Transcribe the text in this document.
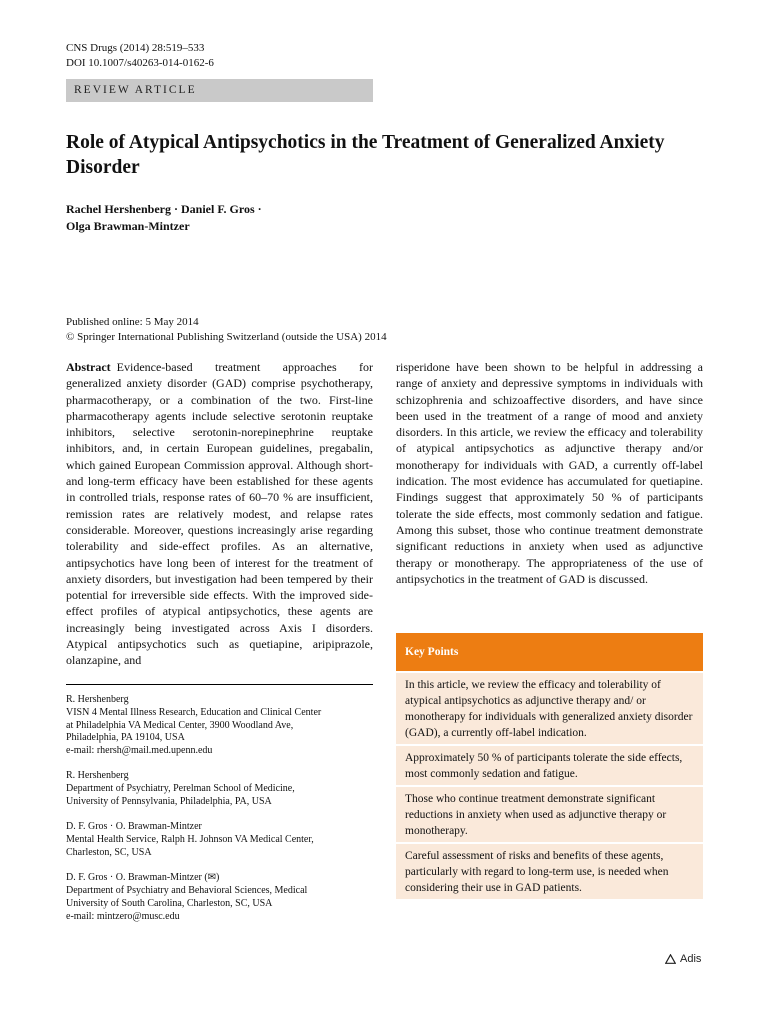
CNS Drugs (2014) 28:519–533
DOI 10.1007/s40263-014-0162-6
REVIEW ARTICLE
Role of Atypical Antipsychotics in the Treatment of Generalized Anxiety Disorder
Rachel Hershenberg · Daniel F. Gros ·
Olga Brawman-Mintzer
Published online: 5 May 2014
© Springer International Publishing Switzerland (outside the USA) 2014
Abstract Evidence-based treatment approaches for generalized anxiety disorder (GAD) comprise psychotherapy, pharmacotherapy, or a combination of the two. First-line pharmacotherapy agents include selective serotonin reuptake inhibitors, selective serotonin-norepinephrine reuptake inhibitors, and, in certain European guidelines, pregabalin, which gained European Commission approval. Although short- and long-term efficacy have been established for these agents in controlled trials, response rates of 60–70 % are insufficient, remission rates are relatively modest, and relapse rates considerable. Moreover, questions increasingly arise regarding tolerability and side-effect profiles. As an alternative, antipsychotics have long been of interest for the treatment of anxiety disorders, but investigation had been tempered by their potential for irreversible side effects. With the improved side-effect profiles of atypical antipsychotics, these agents are increasingly being investigated across Axis I disorders. Atypical antipsychotics such as quetiapine, aripiprazole, olanzapine, and
risperidone have been shown to be helpful in addressing a range of anxiety and depressive symptoms in individuals with schizophrenia and schizoaffective disorders, and have since been used in the treatment of a range of mood and anxiety disorders. In this article, we review the efficacy and tolerability of atypical antipsychotics as adjunctive therapy and/or monotherapy for individuals with GAD, a currently off-label indication. The most evidence has accumulated for quetiapine. Findings suggest that approximately 50 % of participants tolerate the side effects, most commonly sedation and fatigue. Among this subset, those who continue treatment demonstrate significant reductions in anxiety when used as adjunctive therapy or monotherapy. The appropriateness of the use of antipsychotics in the treatment of GAD is discussed.
R. Hershenberg
VISN 4 Mental Illness Research, Education and Clinical Center
at Philadelphia VA Medical Center, 3900 Woodland Ave,
Philadelphia, PA 19104, USA
e-mail: rhersh@mail.med.upenn.edu
R. Hershenberg
Department of Psychiatry, Perelman School of Medicine,
University of Pennsylvania, Philadelphia, PA, USA
D. F. Gros · O. Brawman-Mintzer
Mental Health Service, Ralph H. Johnson VA Medical Center,
Charleston, SC, USA
D. F. Gros · O. Brawman-Mintzer (✉)
Department of Psychiatry and Behavioral Sciences, Medical
University of South Carolina, Charleston, SC, USA
e-mail: mintzero@musc.edu
Key Points
In this article, we review the efficacy and tolerability of atypical antipsychotics as adjunctive therapy and/ or monotherapy for individuals with generalized anxiety disorder (GAD), a currently off-label indication.
Approximately 50 % of participants tolerate the side effects, most commonly sedation and fatigue.
Those who continue treatment demonstrate significant reductions in anxiety when used as adjunctive therapy or monotherapy.
Careful assessment of risks and benefits of these agents, particularly with regard to long-term use, is needed when considering their use in GAD patients.
Adis
